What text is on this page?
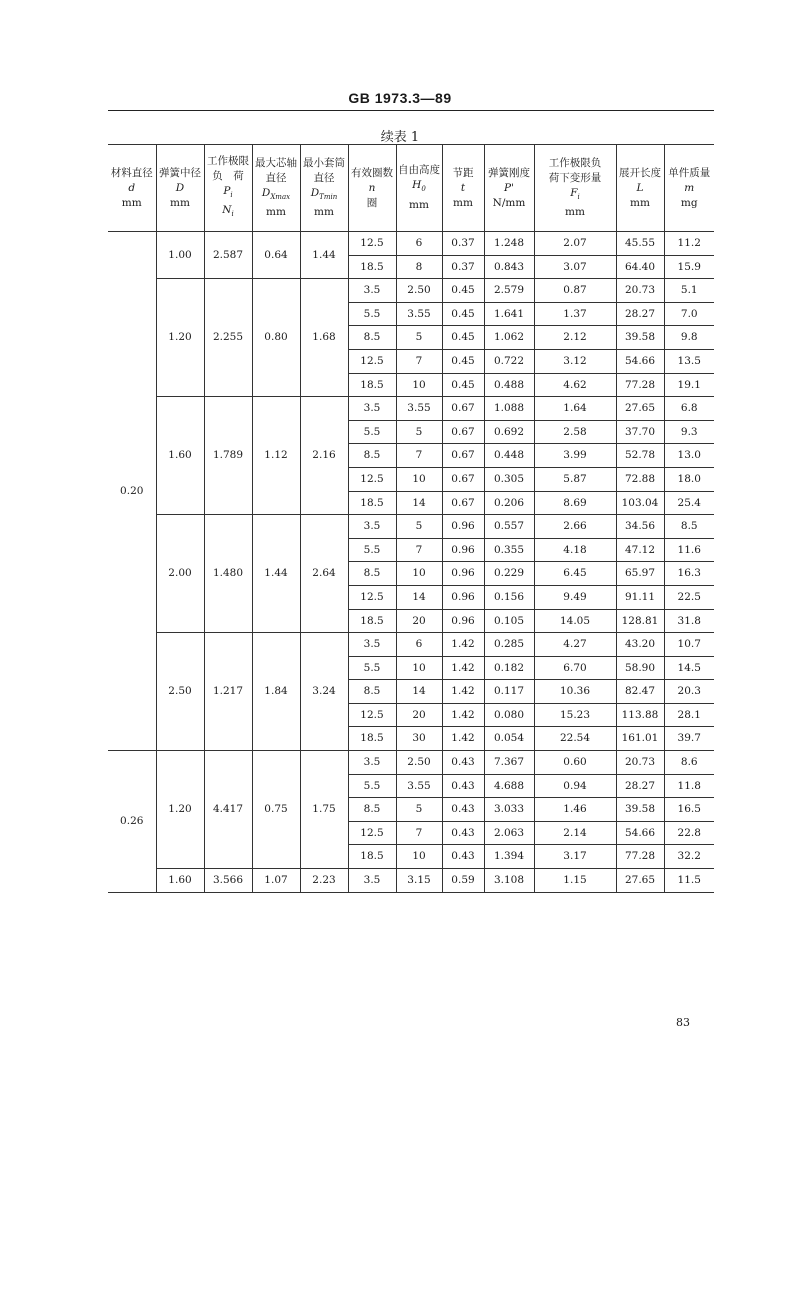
GB 1973.3—89
续表 1
材料直径
d
mm	弹簧中径
D
mm	工作极限
负　荷
$P_i$
$N_i$	最大芯轴
直径
$D_{Xmax}$
mm	最小套筒
直径
$D_{Tmin}$
mm	有效圈数
n
圈	自由高度
$H_0$
mm	节距
t
mm	弹簧刚度
P'
N/mm	工作极限负
荷下变形量
$F_i$
mm	展开长度
L
mm	单件质量
m
mg

0.20	1.00	2.587	0.64	1.44	12.5	6	0.37	1.248	2.07	45.55	11.2
					18.5	8	0.37	0.843	3.07	64.40	15.9
	1.20	2.255	0.80	1.68	3.5	2.50	0.45	2.579	0.87	20.73	5.1
					5.5	3.55	0.45	1.641	1.37	28.27	7.0
					8.5	5	0.45	1.062	2.12	39.58	9.8
					12.5	7	0.45	0.722	3.12	54.66	13.5
					18.5	10	0.45	0.488	4.62	77.28	19.1
	1.60	1.789	1.12	2.16	3.5	3.55	0.67	1.088	1.64	27.65	6.8
					5.5	5	0.67	0.692	2.58	37.70	9.3
					8.5	7	0.67	0.448	3.99	52.78	13.0
					12.5	10	0.67	0.305	5.87	72.88	18.0
					18.5	14	0.67	0.206	8.69	103.04	25.4
	2.00	1.480	1.44	2.64	3.5	5	0.96	0.557	2.66	34.56	8.5
					5.5	7	0.96	0.355	4.18	47.12	11.6
					8.5	10	0.96	0.229	6.45	65.97	16.3
					12.5	14	0.96	0.156	9.49	91.11	22.5
					18.5	20	0.96	0.105	14.05	128.81	31.8
	2.50	1.217	1.84	3.24	3.5	6	1.42	0.285	4.27	43.20	10.7
					5.5	10	1.42	0.182	6.70	58.90	14.5
					8.5	14	1.42	0.117	10.36	82.47	20.3
					12.5	20	1.42	0.080	15.23	113.88	28.1
					18.5	30	1.42	0.054	22.54	161.01	39.7
0.26	1.20	4.417	0.75	1.75	3.5	2.50	0.43	7.367	0.60	20.73	8.6
					5.5	3.55	0.43	4.688	0.94	28.27	11.8
					8.5	5	0.43	3.033	1.46	39.58	16.5
					12.5	7	0.43	2.063	2.14	54.66	22.8
					18.5	10	0.43	1.394	3.17	77.28	32.2
	1.60	3.566	1.07	2.23	3.5	3.15	0.59	3.108	1.15	27.65	11.5
83
